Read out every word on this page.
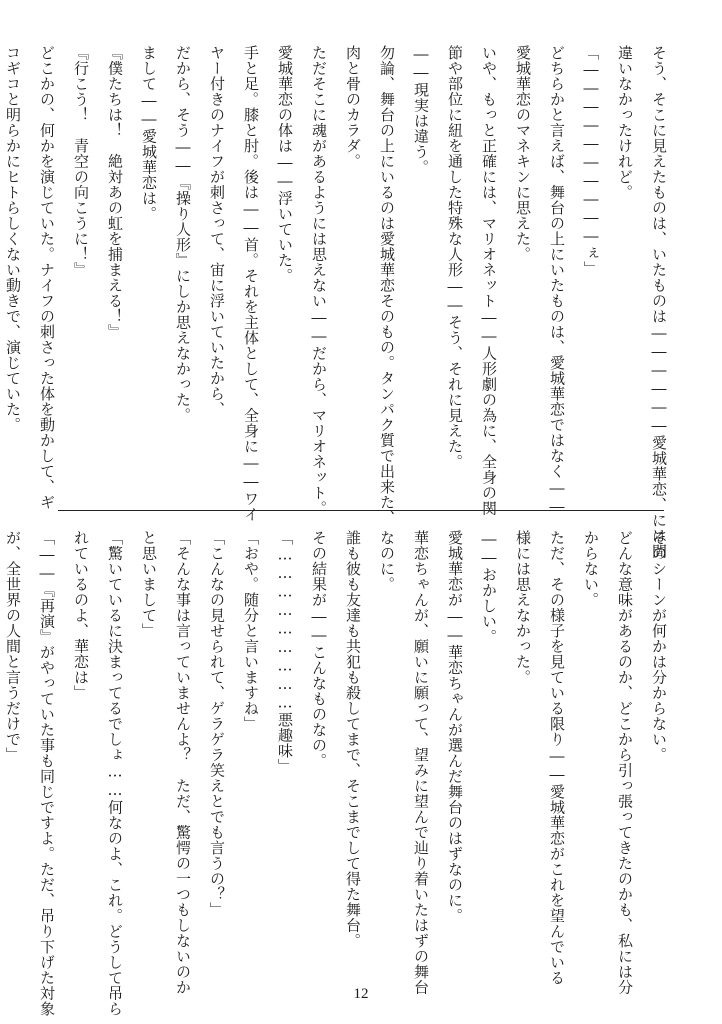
そう、そこに見えたものは、いたものは――――――愛城華恋、には間

違いなかったけれど。

「――――――――――ぇ」

どちらかと言えば、舞台の上にいたものは、愛城華恋ではなく――

愛城華恋のマネキンに思えた。

いや、もっと正確には、マリオネット――人形劇の為に、全身の関

節や部位に紐を通した特殊な人形――そう、それに見えた。

――現実は違う。

勿論、舞台の上にいるのは愛城華恋そのもの。タンパク質で出来た、

肉と骨のカラダ。

ただそこに魂があるようには思えない――だから、マリオネット。

愛城華恋の体は――浮いていた。

手と足。膝と肘。後は――首。それを主体として、全身に――ワイ

ヤー付きのナイフが刺さって、宙に浮いていたから、

だから、そう――『操り人形』にしか思えなかった。

まして――愛城華恋は。

『僕たちは！　絶対あの虹を捕まえる！』

『行こう！　青空の向こうに！』

どこかの、何かを演じていた。ナイフの刺さった体を動かして、ギ

コギコと明らかにヒトらしくない動きで、演じていた。

そのシーンが何かは分からない。

どんな意味があるのか、どこから引っ張ってきたのかも、私には分

からない。

ただ、その様子を見ている限り――愛城華恋がこれを望んでいる

様には思えなかった。

――おかしい。

愛城華恋が――華恋ちゃんが選んだ舞台のはずなのに。

華恋ちゃんが、願いに願って、望みに望んで辿り着いたはずの舞台

なのに。

誰も彼も友達も共犯も殺してまで、そこまでして得た舞台。

その結果が――こんなものなの。

「………………………悪趣味」

「おや。随分と言いますね」

「こんなの見せられて、ゲラゲラ笑えとでも言うの？」

「そんな事は言っていませんよ？　ただ、驚愕の一つもしないのか

と思いまして」

「驚いているに決まってるでしょ……何なのよ、これ。どうして吊ら

れているのよ、華恋は」

「――『再演』がやっていた事も同じですよ。ただ、吊り下げた対象

が、全世界の人間と言うだけで」

12
